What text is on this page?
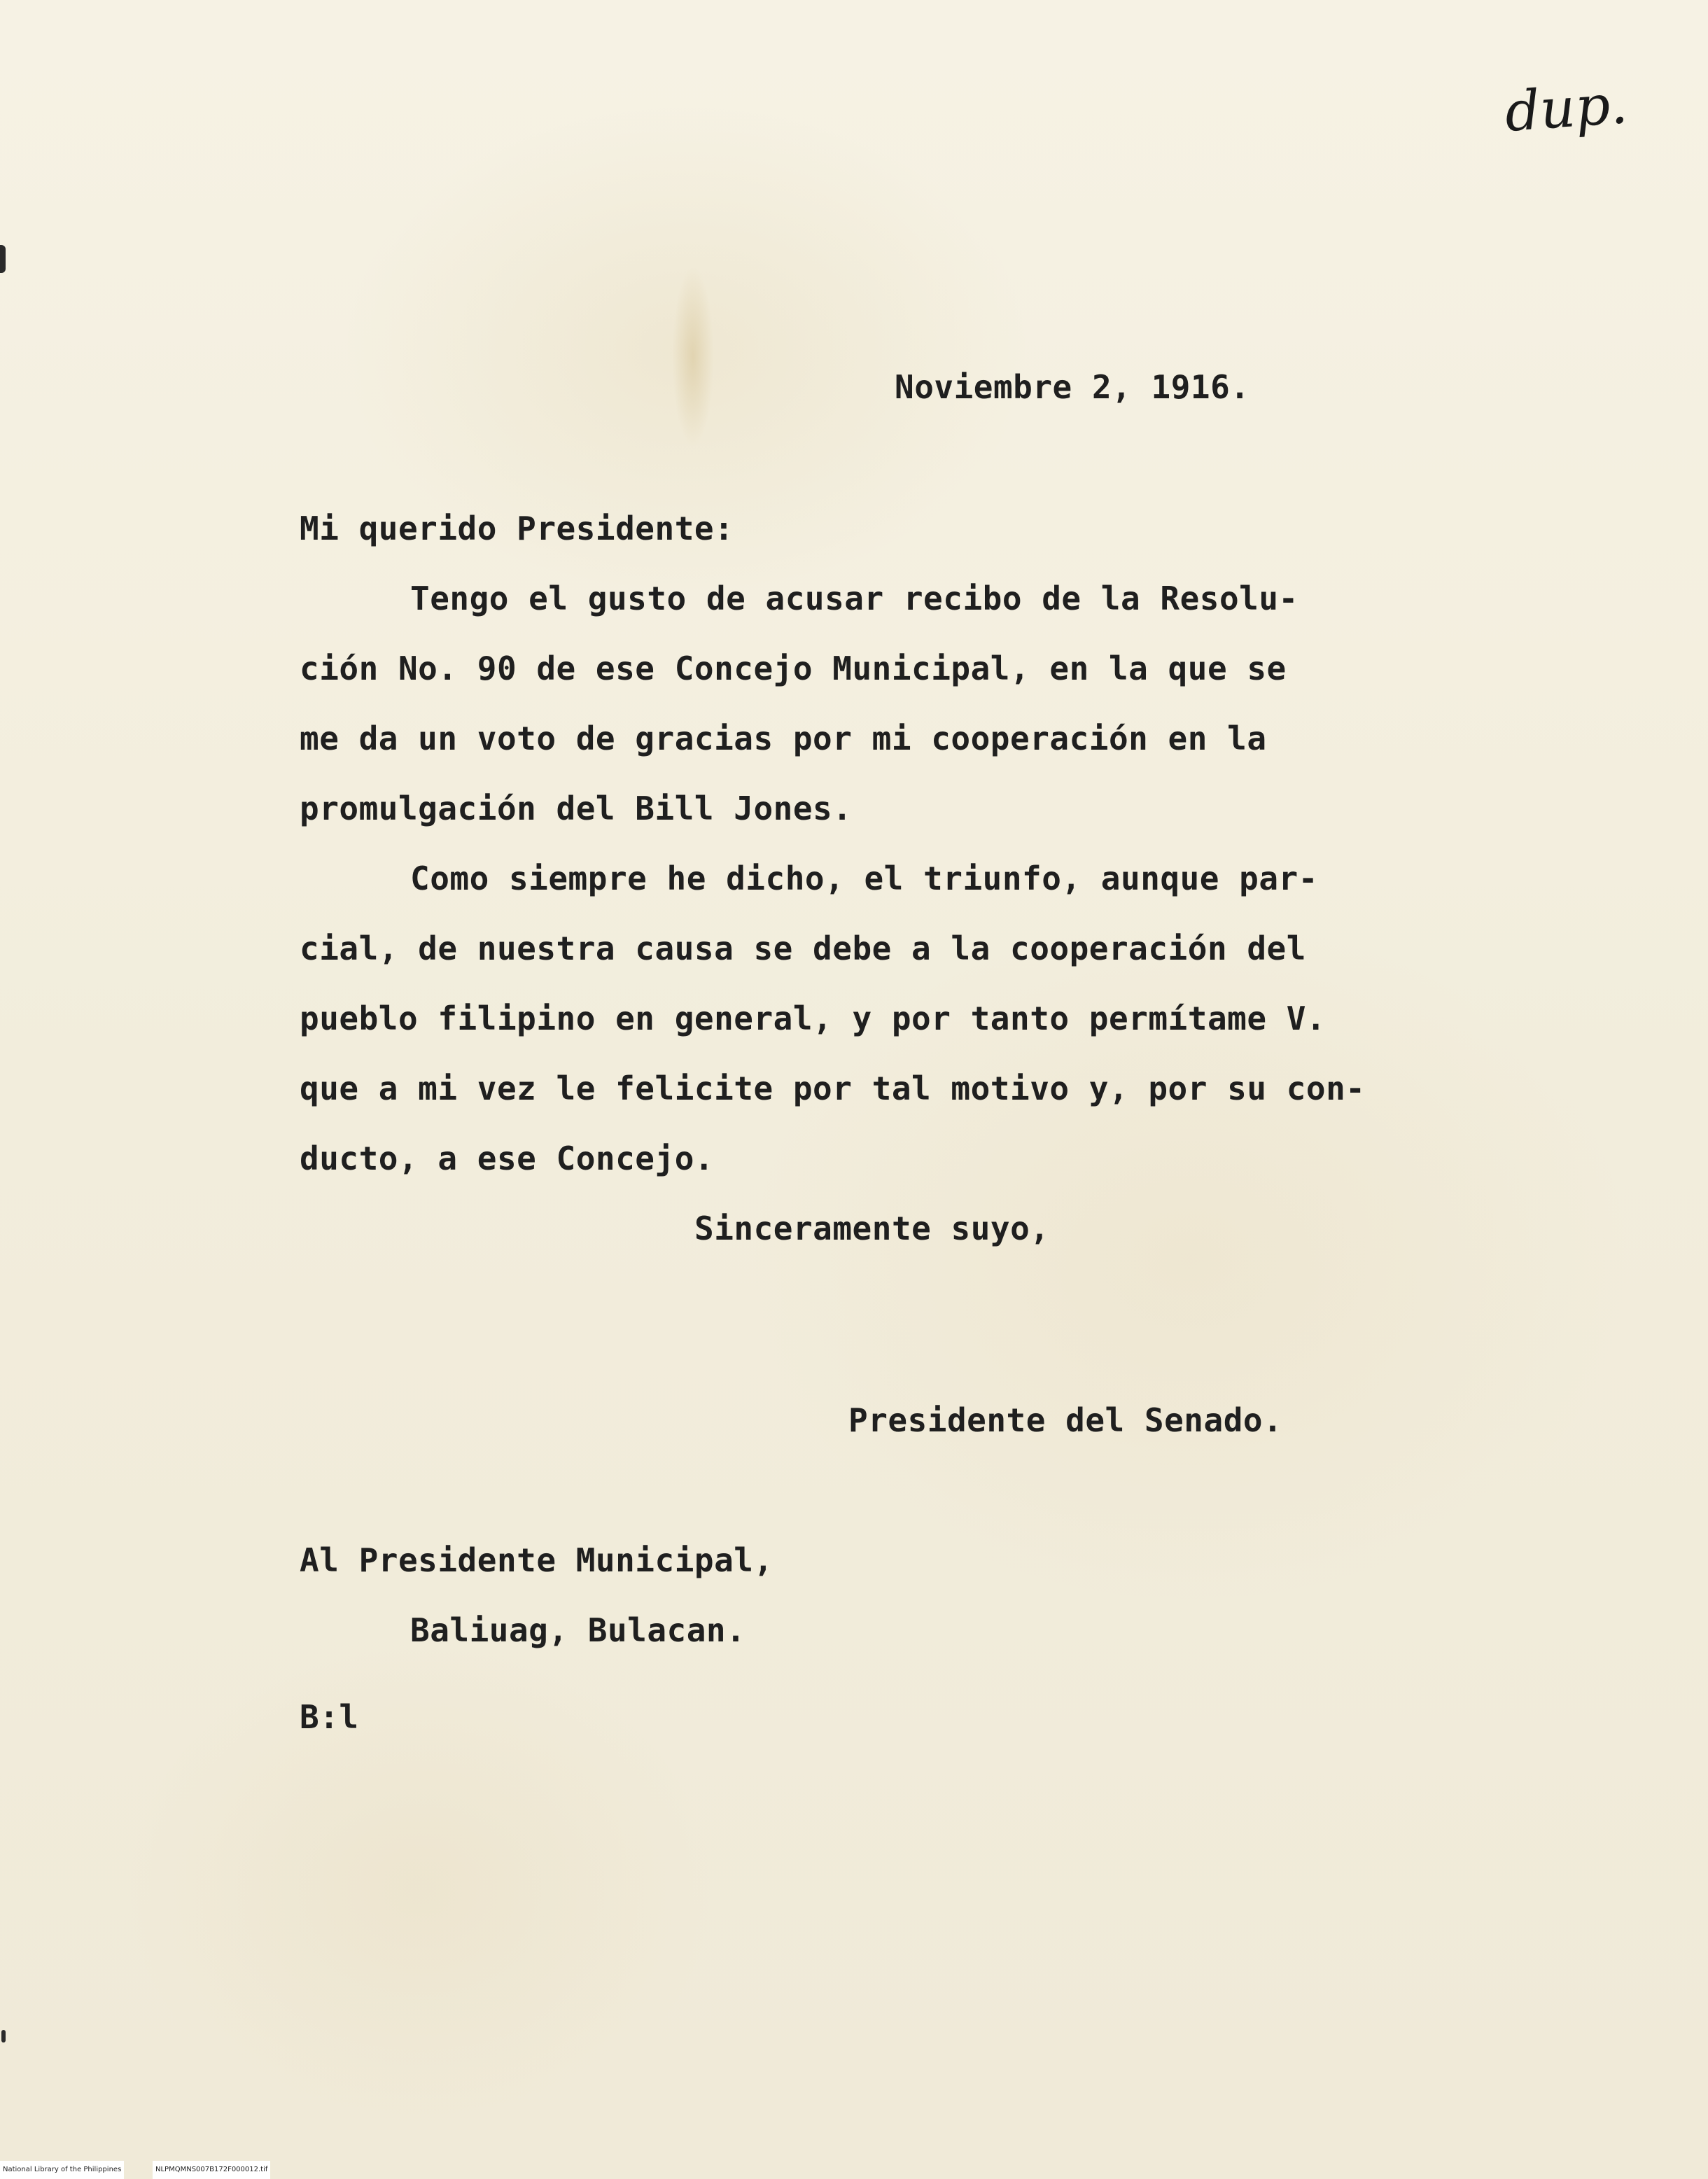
dup.
Noviembre 2, 1916.
Mi querido Presidente:
Tengo el gusto de acusar recibo de la Resolu-
ción No. 90 de ese Concejo Municipal, en la que se
me da un voto de gracias por mi cooperación en la
promulgación del Bill Jones.
Como siempre he dicho, el triunfo, aunque par-
cial, de nuestra causa se debe a la cooperación del
pueblo filipino en general, y por tanto permítame V.
que a mi vez le felicite por tal motivo y, por su con-
ducto, a ese Concejo.
Sinceramente suyo,
Presidente del Senado.
Al Presidente Municipal,
Baliuag, Bulacan.
B:l
National Library of the Philippines	NLPMQMNS007B172F000012.tif
